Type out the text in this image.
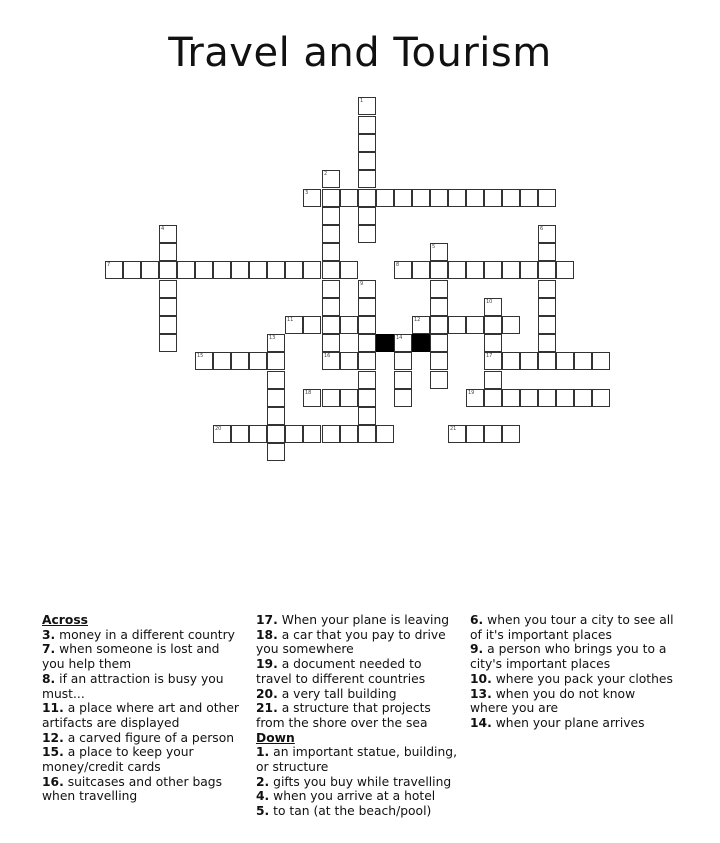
Travel and Tourism
1
2
3
4	6
5
7	8
9
10
11	12
13	14
15	16	17
18	19
20	21

Across

3. money in a different country

7. when someone is lost and you help them

8. if an attraction is busy you must...

11. a place where art and other artifacts are displayed

12. a carved figure of a person

15. a place to keep your money/credit cards

16. suitcases and other bags when travelling

17. When your plane is leaving

18. a car that you pay to drive you somewhere

19. a document needed to travel to different countries

20. a very tall building

21. a structure that projects from the shore over the sea

Down

1. an important statue, building, or structure

2. gifts you buy while travelling

4. when you arrive at a hotel

5. to tan (at the beach/pool)

6. when you tour a city to see all of it's important places

9. a person who brings you to a city's important places

10. where you pack your clothes

13. when you do not know where you are

14. when your plane arrives
